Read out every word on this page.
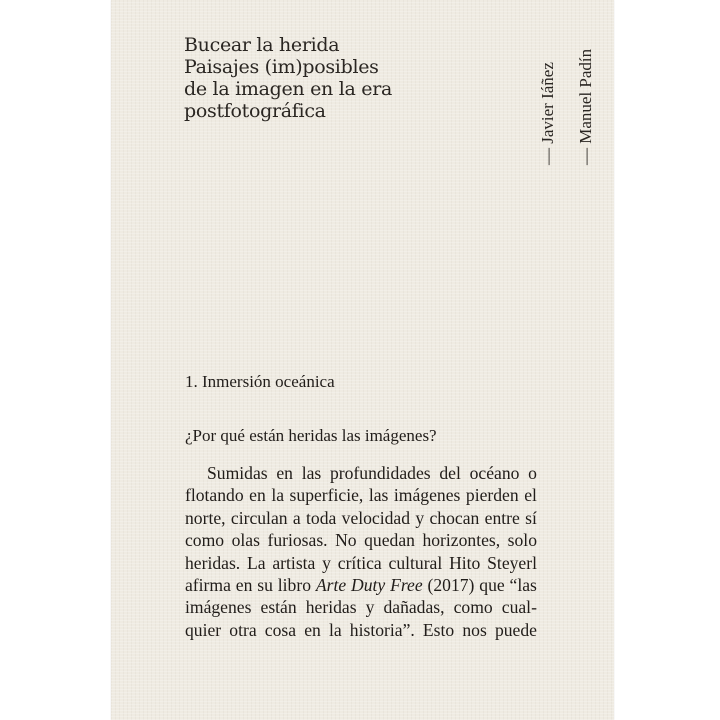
Bucear la herida
Paisajes (im)posibles
de la imagen en la era
postfotográfica	— Javier Iáñez — Manuel Padín
1. Inmersión oceánica
¿Por qué están heridas las imágenes?
Sumidas en las profundidades del océano o
flotando en la superficie, las imágenes pierden el
norte, circulan a toda velocidad y chocan entre sí
como olas furiosas. No quedan horizontes, solo
heridas. La artista y crítica cultural Hito Steyerl
afirma en su libro Arte Duty Free (2017) que “las
imágenes están heridas y dañadas, como cual-
quier otra cosa en la historia”. Esto nos puede
